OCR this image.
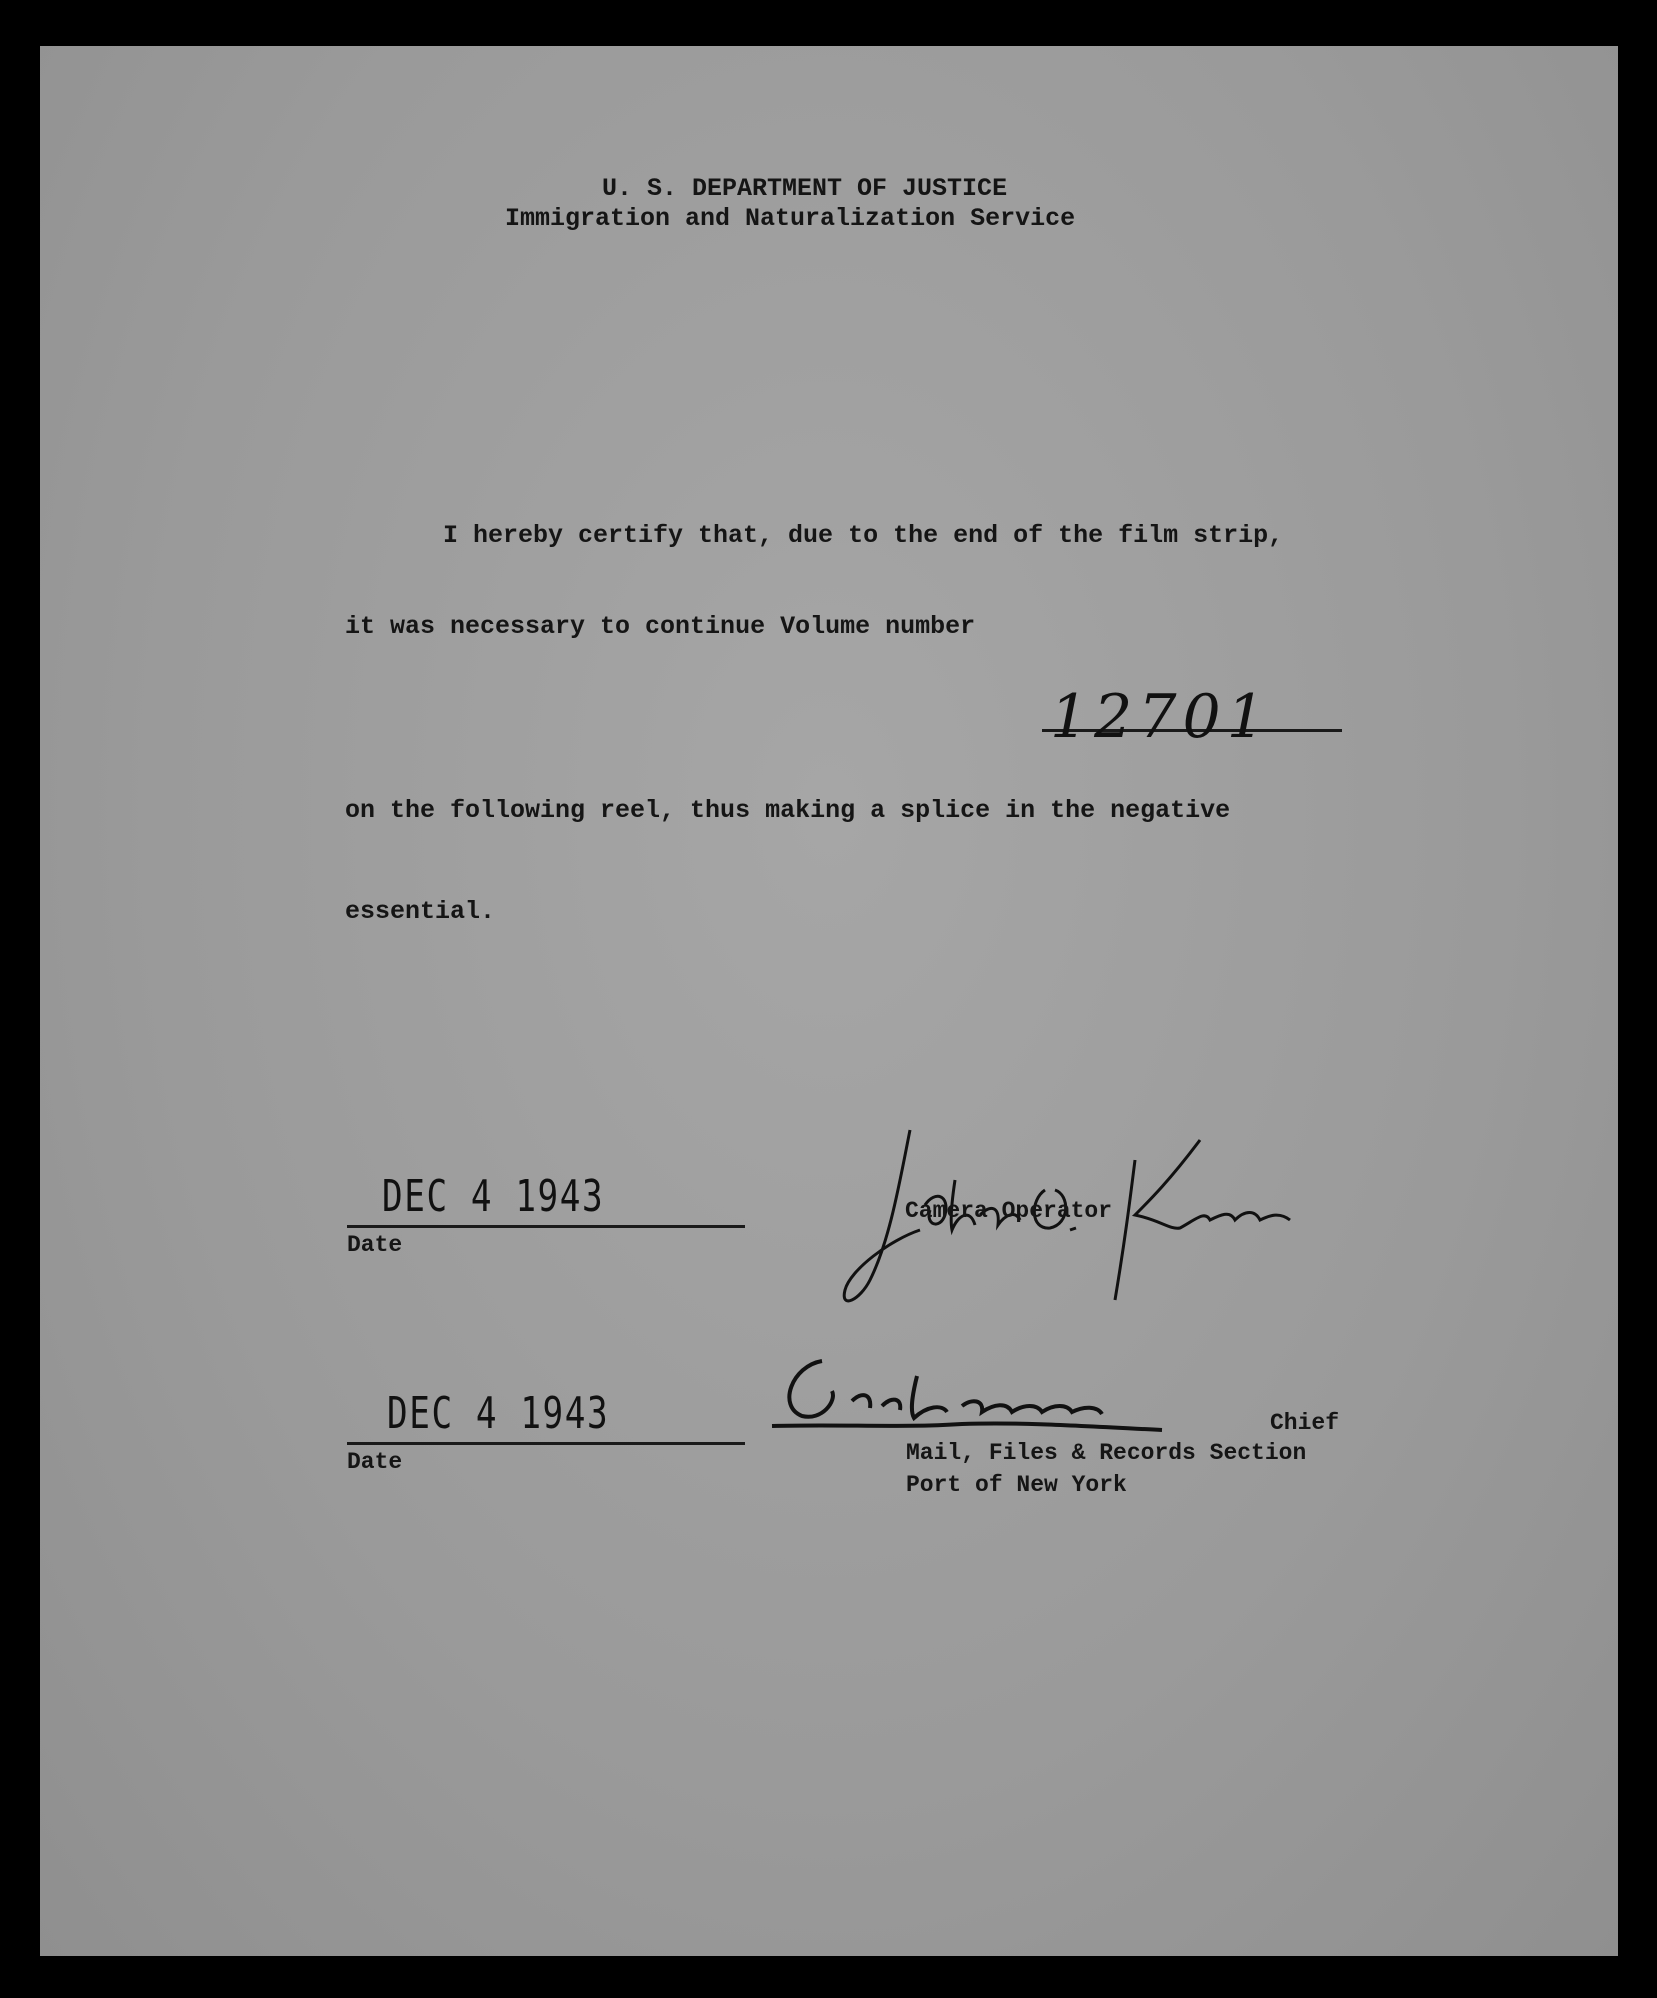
U. S. DEPARTMENT OF JUSTICE
Immigration and Naturalization Service
I hereby certify that, due to the end of the film strip,
it was necessary to continue Volume number
12701
on the following reel, thus making a splice in the negative
essential.
DEC 4 1943
Date
Camera Operator
DEC 4 1943
Date
Chief
Mail, Files & Records Section
Port of New York
